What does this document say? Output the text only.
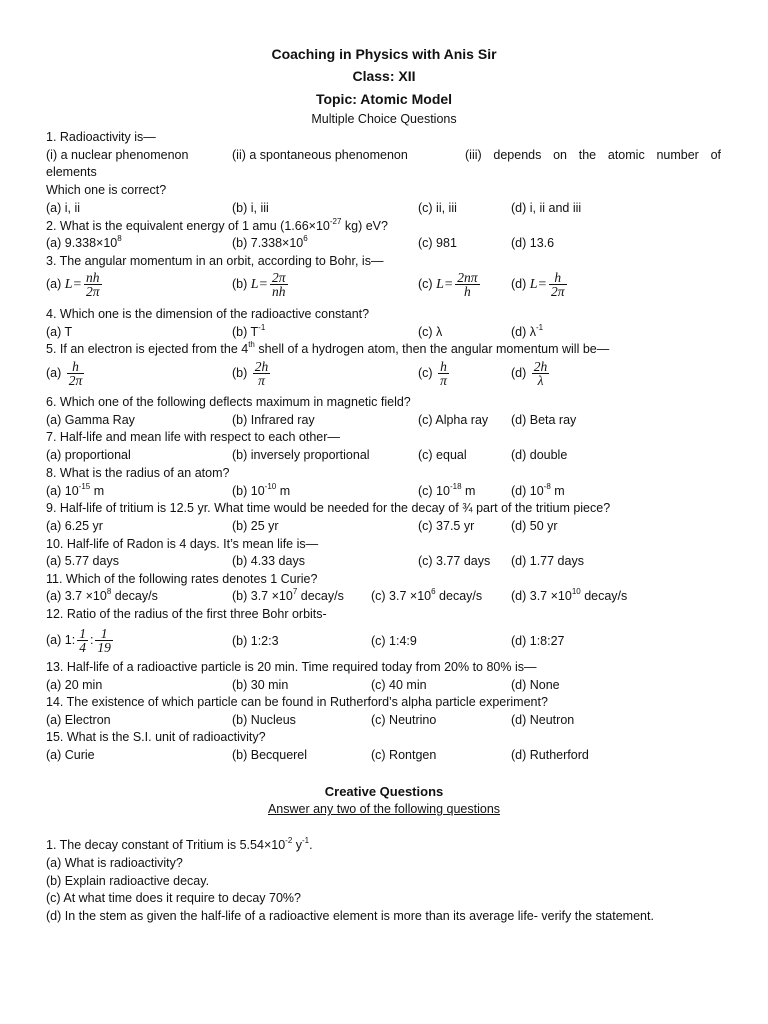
Coaching in Physics with Anis Sir
Class: XII
Topic: Atomic Model
Multiple Choice Questions
1. Radioactivity is—
(i) a nuclear phenomenon	(ii) a spontaneous phenomenon	(iii) depends on the atomic number of
elements
Which one is correct?
(a) i, ii	(b) i, iii	(c) ii, iii	(d) i, ii and iii
2. What is the equivalent energy of 1 amu ($1.66\times 10^{-27}$ kg) eV?
(a) $9.338\times 10^8$	(b) $7.338\times 10^6$	(c) 981	(d) 13.6
3. The angular momentum in an orbit, according to Bohr, is—
(a) $L= \frac{nh}{2\pi}$	(b) $L= \frac{2\pi}{nh}$	(c) $L= \frac{2n\pi}{h}$	(d) $L= \frac{h}{2\pi}$
4. Which one is the dimension of the radioactive constant?
(a) T	(b) $T^{-1}$	(c) λ	(d) $\lambda^{-1}$
5. If an electron is ejected from the 4th shell of a hydrogen atom, then the angular momentum will be—
$(a) \frac{h}{2\pi}$	$(b) \frac{2h}{\pi}$	$(c) \frac{h}{\pi}$	$(d) \frac{2h}{\lambda}$
6. Which one of the following deflects maximum in magnetic field?
(a) Gamma Ray	(b) Infrared ray	(c) Alpha ray (d) Beta ray
7. Half-life and mean life with respect to each other—
(a) proportional	(b) inversely proportional	(c) equal	(d) double
8. What is the radius of an atom?
(a) $10^{-15}$ m	(b) $10^{-10}$ m	(c) $10^{-18}$ m	(d) $10^{-8}$ m
9. Half-life of tritium is 12.5 yr. What time would be needed for the decay of ¾ part of the tritium piece?
(a) 6.25 yr	(b) 25 yr	(c) 37.5 yr	(d) 50 yr
10. Half-life of Radon is 4 days. It’s mean life is—
(a) 5.77 days	(b) 4.33 days	(c) 3.77 days (d) 1.77 days
11. Which of the following rates denotes 1 Curie?
(a) $3.7 \times 10^8$ decay/s	(b) $3.7 \times 10^7$ decay/s (c) $3.7 \times 10^6$ decay/s (d) $3.7 \times 10^{10}$ decay/s
12. Ratio of the radius of the first three Bohr orbits-
(a) 1: $\frac{1}{4}$ : $\frac{1}{19}$	(b) 1:2:3	(c) 1:4:9	(d) 1:8:27
13. Half-life of a radioactive particle is 20 min. Time required today from 20% to 80% is—
(a) 20 min	(b) 30 min	(c) 40 min	(d) None
14. The existence of which particle can be found in Rutherford’s alpha particle experiment?
(a) Electron	(b) Nucleus	(c) Neutrino	(d) Neutron
15. What is the S.I. unit of radioactivity?
(a) Curie	(b) Becquerel	(c) Rontgen	(d) Rutherford
Creative Questions
Answer any two of the following questions
1. The decay constant of Tritium is $5.54\times 10^{-2}$ $y^{-1}$.
(a) What is radioactivity?
(b) Explain radioactive decay.
(c) At what time does it require to decay 70%?
(d) In the stem as given the half-life of a radioactive element is more than its average life- verify the statement.
